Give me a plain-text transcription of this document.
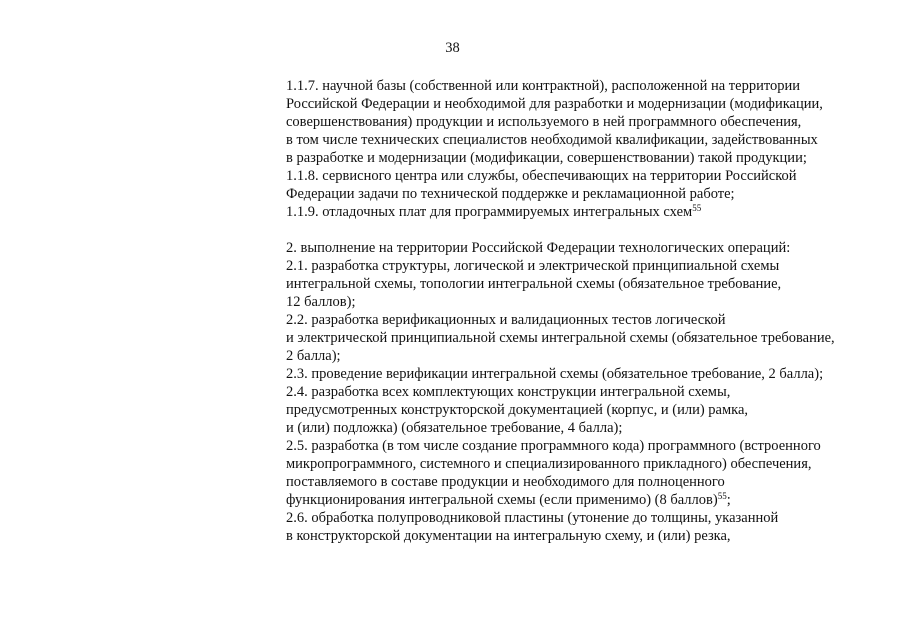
38
1.1.7. научной базы (собственной или контрактной), расположенной на территории
Российской Федерации и необходимой для разработки и модернизации (модификации,
совершенствования) продукции и используемого в ней программного обеспечения,
в том числе технических специалистов необходимой квалификации, задействованных
в разработке и модернизации (модификации, совершенствовании) такой продукции;
1.1.8. сервисного центра или службы, обеспечивающих на территории Российской
Федерации задачи по технической поддержке и рекламационной работе;
1.1.9. отладочных плат для программируемых интегральных схем$^{55}$
2. выполнение на территории Российской Федерации технологических операций:
2.1. разработка структуры, логической и электрической принципиальной схемы
интегральной схемы, топологии интегральной схемы (обязательное требование,
12 баллов);
2.2. разработка верификационных и валидационных тестов логической
и электрической принципиальной схемы интегральной схемы (обязательное требование,
2 балла);
2.3. проведение верификации интегральной схемы (обязательное требование, 2 балла);
2.4. разработка всех комплектующих конструкции интегральной схемы,
предусмотренных конструкторской документацией (корпус, и (или) рамка,
и (или) подложка) (обязательное требование, 4 балла);
2.5. разработка (в том числе создание программного кода) программного (встроенного
микропрограммного, системного и специализированного прикладного) обеспечения,
поставляемого в составе продукции и необходимого для полноценного
функционирования интегральной схемы (если применимо) (8 баллов)$^{55}$;
2.6. обработка полупроводниковой пластины (утонение до толщины, указанной
в конструкторской документации на интегральную схему, и (или) резка,
